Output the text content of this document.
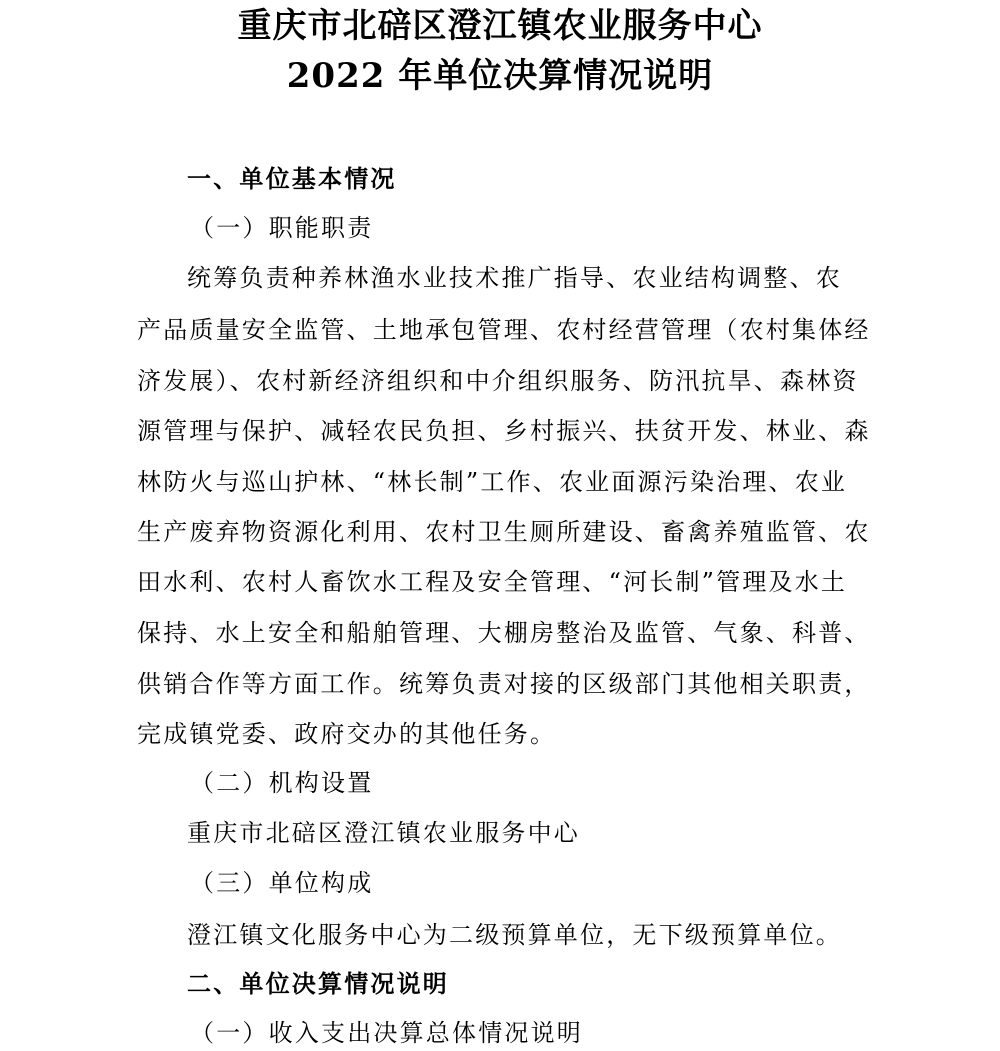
重庆市北碚区澄江镇农业服务中心
2022 年单位决算情况说明
一、单位基本情况
（一）职能职责
统筹负责种养林渔水业技术推广指导、农业结构调整、农
产品质量安全监管、土地承包管理、农村经营管理（农村集体经
济发展）、农村新经济组织和中介组织服务、防汛抗旱、森林资
源管理与保护、减轻农民负担、乡村振兴、扶贫开发、林业、森
林防火与巡山护林、“林长制”工作、农业面源污染治理、农业
生产废弃物资源化利用、农村卫生厕所建设、畜禽养殖监管、农
田水利、农村人畜饮水工程及安全管理、“河长制”管理及水土
保持、水上安全和船舶管理、大棚房整治及监管、气象、科普、
供销合作等方面工作。统筹负责对接的区级部门其他相关职责，
完成镇党委、政府交办的其他任务。
（二）机构设置
重庆市北碚区澄江镇农业服务中心
（三）单位构成
澄江镇文化服务中心为二级预算单位，无下级预算单位。
二、单位决算情况说明
（一）收入支出决算总体情况说明
